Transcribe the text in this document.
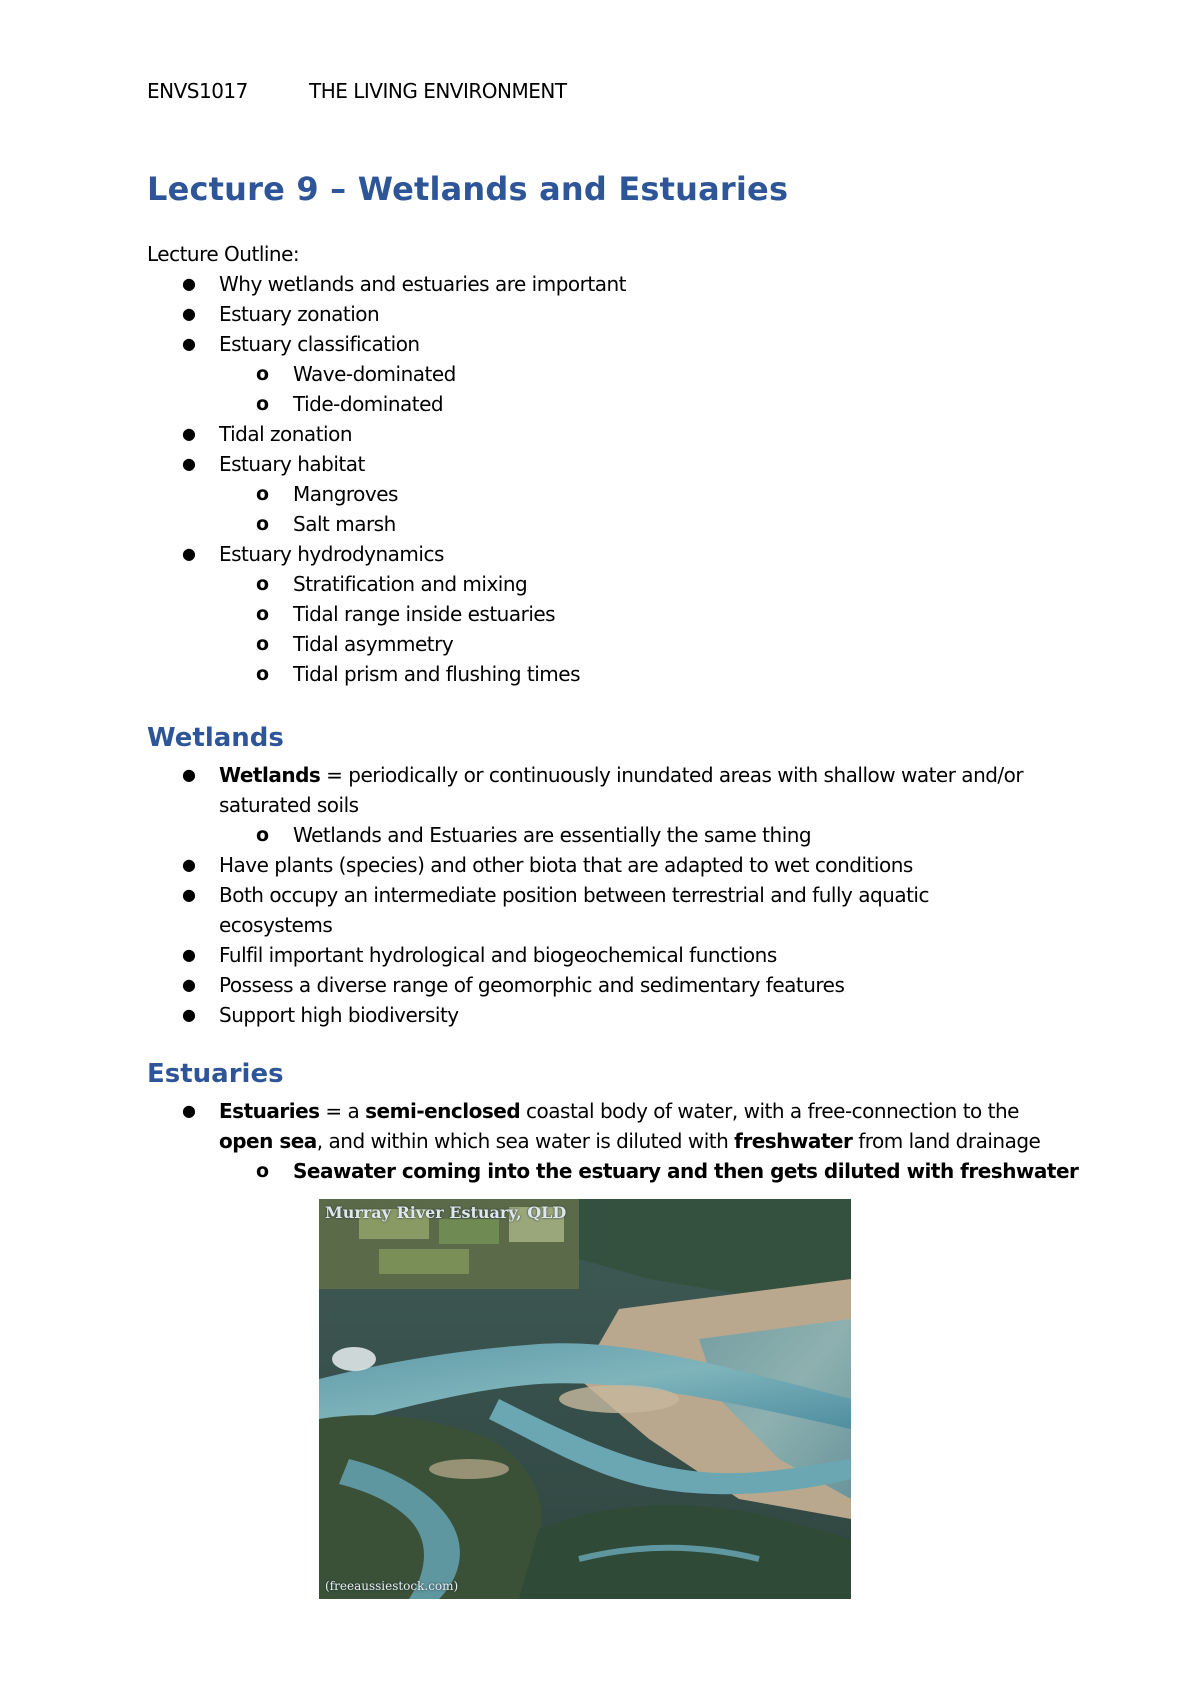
ENVS1017	THE LIVING ENVIRONMENT
Lecture 9 – Wetlands and Estuaries
Lecture Outline:
● Why wetlands and estuaries are important
● Estuary zonation
● Estuary classification
o Wave-dominated
o Tide-dominated
● Tidal zonation
● Estuary habitat
o Mangroves
o Salt marsh
● Estuary hydrodynamics
o Stratification and mixing
o Tidal range inside estuaries
o Tidal asymmetry
o Tidal prism and flushing times
Wetlands
● Wetlands = periodically or continuously inundated areas with shallow water and/or
saturated soils
o Wetlands and Estuaries are essentially the same thing
● Have plants (species) and other biota that are adapted to wet conditions
● Both occupy an intermediate position between terrestrial and fully aquatic
ecosystems
● Fulfil important hydrological and biogeochemical functions
● Possess a diverse range of geomorphic and sedimentary features
● Support high biodiversity
Estuaries
● Estuaries = a semi-enclosed coastal body of water, with a free-connection to the
open sea, and within which sea water is diluted with freshwater from land drainage
o Seawater coming into the estuary and then gets diluted with freshwater
Murray River Estuary, QLD
(freeaussiestock.com)
